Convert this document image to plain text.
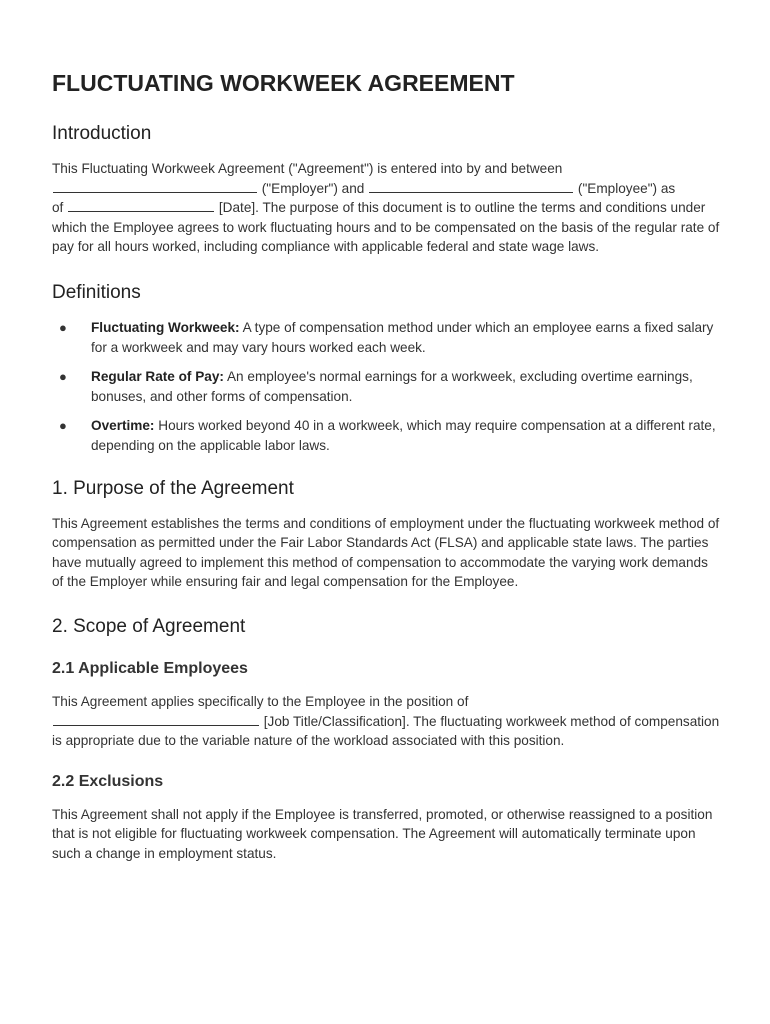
FLUCTUATING WORKWEEK AGREEMENT
Introduction

This Fluctuating Workweek Agreement ("Agreement") is entered into by and between
("Employer") and	("Employee") as
of	[Date]. The purpose of this document is to outline the terms and conditions under which the Employee agrees to work fluctuating hours and to be compensated on the basis of the regular rate of pay for all hours worked, including compliance with applicable federal and state wage laws.

Definitions
● Fluctuating Workweek: A type of compensation method under which an employee earns a fixed salary for a workweek and may vary hours worked each week.
● Regular Rate of Pay: An employee's normal earnings for a workweek, excluding overtime earnings, bonuses, and other forms of compensation.
● Overtime: Hours worked beyond 40 in a workweek, which may require compensation at a different rate, depending on the applicable labor laws.
1. Purpose of the Agreement

This Agreement establishes the terms and conditions of employment under the fluctuating workweek method of compensation as permitted under the Fair Labor Standards Act (FLSA) and applicable state laws. The parties have mutually agreed to implement this method of compensation to accommodate the varying work demands of the Employer while ensuring fair and legal compensation for the Employee.

2. Scope of Agreement
2.1 Applicable Employees

This Agreement applies specifically to the Employee in the position of
[Job Title/Classification]. The fluctuating workweek method of compensation is appropriate due to the variable nature of the workload associated with this position.

2.2 Exclusions

This Agreement shall not apply if the Employee is transferred, promoted, or otherwise reassigned to a position that is not eligible for fluctuating workweek compensation. The Agreement will automatically terminate upon such a change in employment status.
